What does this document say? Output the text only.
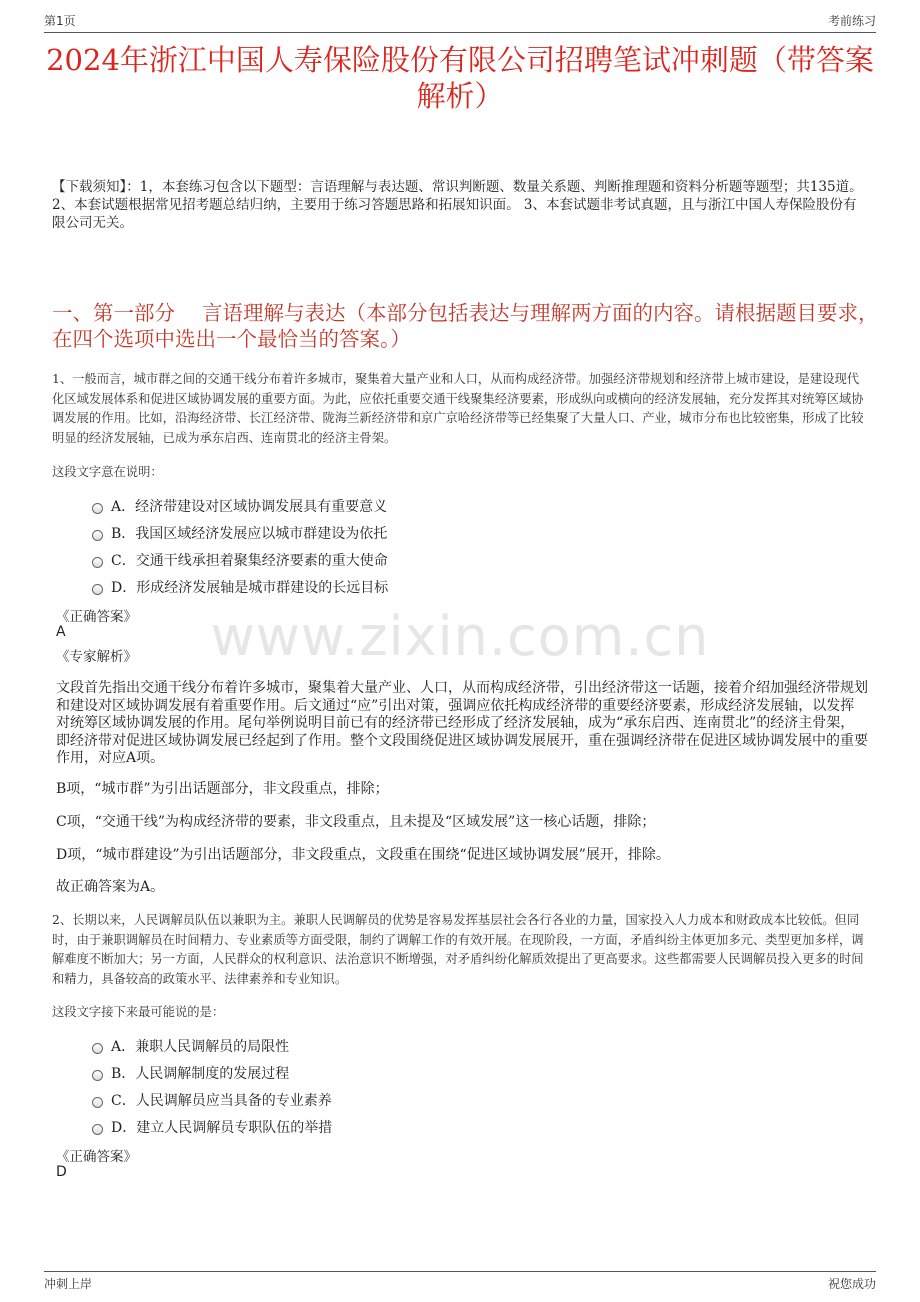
第1页	考前练习
2024年浙江中国人寿保险股份有限公司招聘笔试冲刺题（带答案解析）

【下载须知】：1，本套练习包含以下题型：言语理解与表达题、常识判断题、数量关系题、判断推理题和资料分析题等题型；共135道。 2、本套试题根据常见招考题总结归纳，主要用于练习答题思路和拓展知识面。 3、本套试题非考试真题，且与浙江中国人寿保险股份有限公司无关。

一、第一部分　 言语理解与表达（本部分包括表达与理解两方面的内容。请根据题目要求，在四个选项中选出一个最恰当的答案。）

1、一般而言，城市群之间的交通干线分布着许多城市，聚集着大量产业和人口，从而构成经济带。加强经济带规划和经济带上城市建设，是建设现代化区域发展体系和促进区域协调发展的重要方面。为此，应依托重要交通干线聚集经济要素，形成纵向或横向的经济发展轴，充分发挥其对统筹区域协调发展的作用。比如，沿海经济带、长江经济带、陇海兰新经济带和京广京哈经济带等已经集聚了大量人口、产业，城市分布也比较密集，形成了比较明显的经济发展轴，已成为承东启西、连南贯北的经济主骨架。

这段文字意在说明：

A．经济带建设对区域协调发展具有重要意义
B．我国区域经济发展应以城市群建设为依托
C．交通干线承担着聚集经济要素的重大使命
D．形成经济发展轴是城市群建设的长远目标

《正确答案》

A

《专家解析》	www.zixin.com.cn

文段首先指出交通干线分布着许多城市，聚集着大量产业、人口，从而构成经济带，引出经济带这一话题，接着介绍加强经济带规划和建设对区域协调发展有着重要作用。后文通过“应”引出对策，强调应依托构成经济带的重要经济要素，形成经济发展轴，以发挥对统筹区域协调发展的作用。尾句举例说明目前已有的经济带已经形成了经济发展轴，成为“承东启西、连南贯北”的经济主骨架，即经济带对促进区域协调发展已经起到了作用。整个文段围绕促进区域协调发展展开，重在强调经济带在促进区域协调发展中的重要作用，对应A项。

B项，“城市群”为引出话题部分，非文段重点，排除；

C项，“交通干线”为构成经济带的要素，非文段重点，且未提及“区域发展”这一核心话题，排除；

D项，“城市群建设”为引出话题部分，非文段重点，文段重在围绕“促进区域协调发展”展开，排除。

故正确答案为A。

2、长期以来，人民调解员队伍以兼职为主。兼职人民调解员的优势是容易发挥基层社会各行各业的力量，国家投入人力成本和财政成本比较低。但同时，由于兼职调解员在时间精力、专业素质等方面受限，制约了调解工作的有效开展。在现阶段，一方面，矛盾纠纷主体更加多元、类型更加多样，调解难度不断加大；另一方面，人民群众的权利意识、法治意识不断增强，对矛盾纠纷化解质效提出了更高要求。这些都需要人民调解员投入更多的时间和精力，具备较高的政策水平、法律素养和专业知识。

这段文字接下来最可能说的是：

A．兼职人民调解员的局限性
B．人民调解制度的发展过程
C．人民调解员应当具备的专业素养
D．建立人民调解员专职队伍的举措

《正确答案》

D

冲刺上岸	祝您成功
